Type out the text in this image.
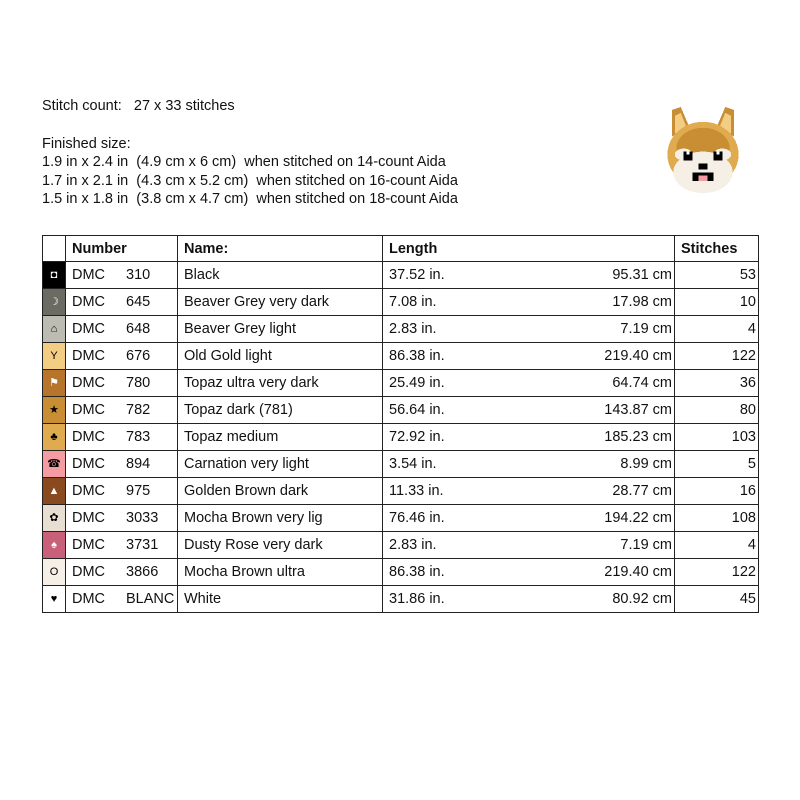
Stitch count:   27 x 33 stitches
Finished size:
1.9 in x 2.4 in  (4.9 cm x 6 cm)  when stitched on 14-count Aida
1.7 in x 2.1 in  (4.3 cm x 5.2 cm)  when stitched on 16-count Aida
1.5 in x 1.8 in  (3.8 cm x 4.7 cm)  when stitched on 18-count Aida
	Number	Name:	Length	Stitches

◘	DMC 310	Black	37.52 in. 95.31 cm	53

☽	DMC 645	Beaver Grey very dark	7.08 in. 17.98 cm	10

⌂	DMC 648	Beaver Grey light	2.83 in. 7.19 cm	4

Y	DMC 676	Old Gold light	86.38 in. 219.40 cm	122

⚑	DMC 780	Topaz ultra very dark	25.49 in. 64.74 cm	36

★	DMC 782	Topaz dark (781)	56.64 in. 143.87 cm	80

♣	DMC 783	Topaz medium	72.92 in. 185.23 cm	103

☎	DMC 894	Carnation very light	3.54 in. 8.99 cm	5

▲	DMC 975	Golden Brown dark	11.33 in. 28.77 cm	16

✿	DMC 3033	Mocha Brown very lig	76.46 in. 194.22 cm	108

♠	DMC 3731	Dusty Rose very dark	2.83 in. 7.19 cm	4

O	DMC 3866	Mocha Brown ultra	86.38 in. 219.40 cm	122

♥	DMC BLANC	White	31.86 in. 80.92 cm	45
